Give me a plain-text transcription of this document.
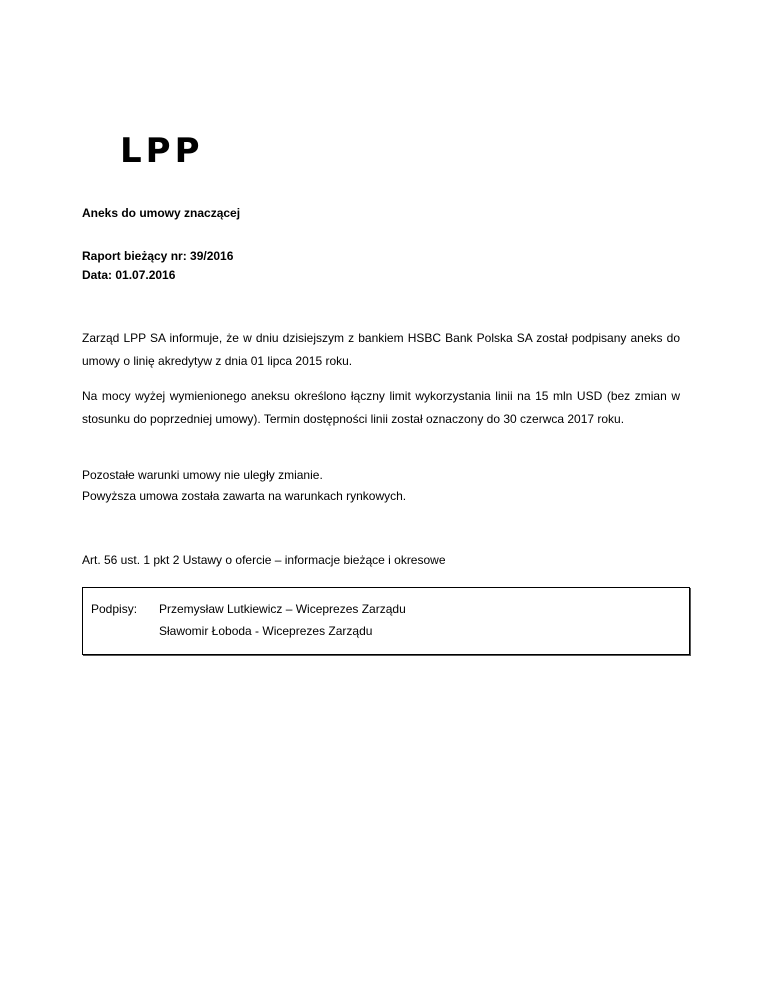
LPP
Aneks do umowy znaczącej
Raport bieżący nr: 39/2016
Data: 01.07.2016
Zarząd LPP SA informuje, że w dniu dzisiejszym z bankiem HSBC Bank Polska SA został podpisany aneks do umowy o linię akredytyw z dnia 01 lipca 2015 roku.
Na mocy wyżej wymienionego aneksu określono łączny limit wykorzystania linii na 15 mln USD (bez zmian w stosunku do poprzedniej umowy). Termin dostępności linii został oznaczony do 30 czerwca 2017 roku.
Pozostałe warunki umowy nie uległy zmianie.
Powyższa umowa została zawarta na warunkach rynkowych.
Art. 56 ust. 1 pkt 2 Ustawy o ofercie – informacje bieżące i okresowe
Podpisy: Przemysław Lutkiewicz – Wiceprezes Zarządu
Sławomir Łoboda - Wiceprezes Zarządu
